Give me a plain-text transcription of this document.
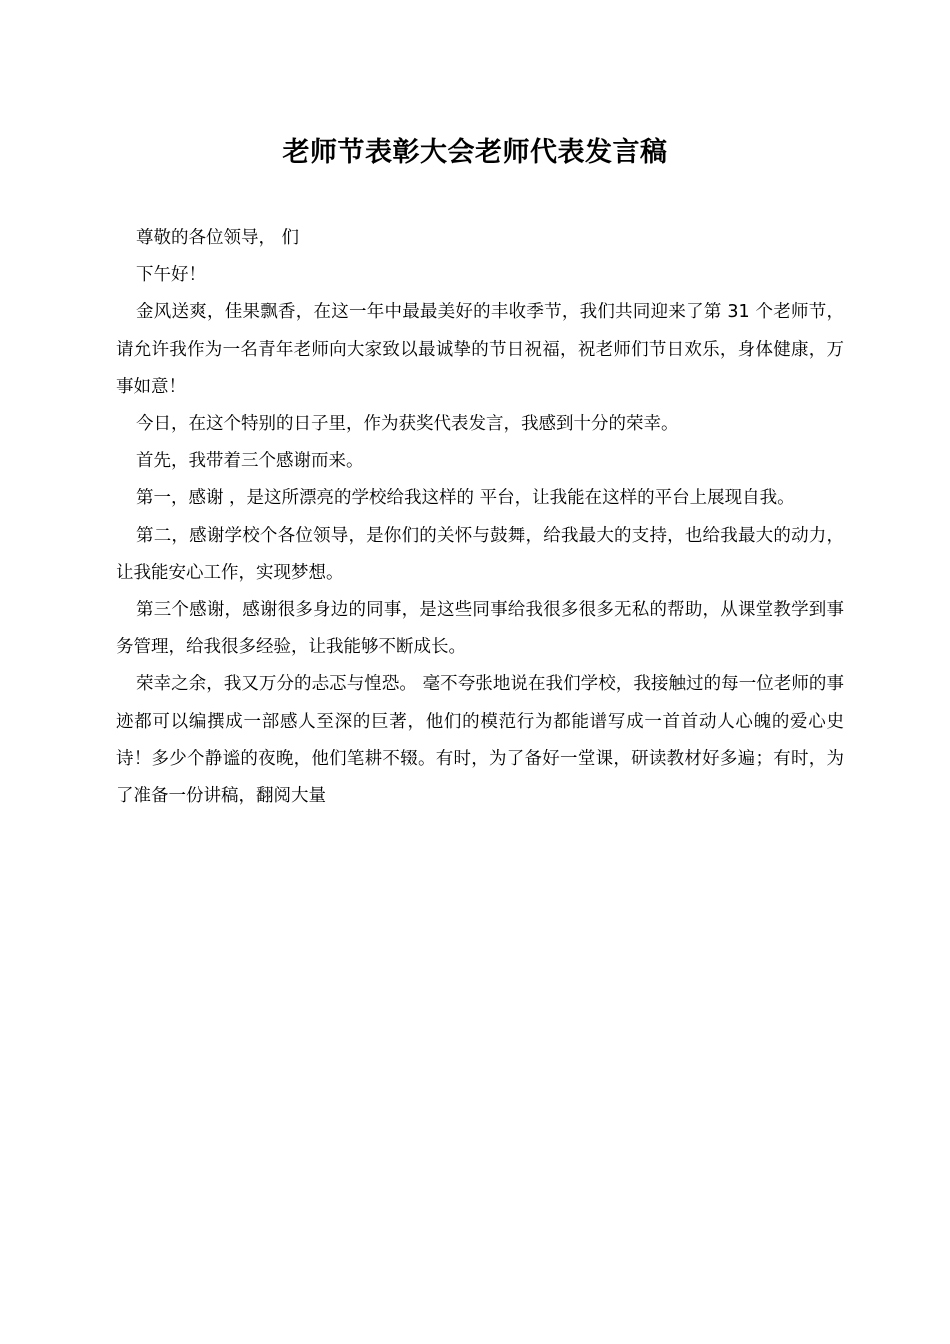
老师节表彰大会老师代表发言稿

尊敬的各位领导， 们

下午好！

金风送爽，佳果飘香，在这一年中最最美好的丰收季节，我们共同迎来了第 31 个老师节，请允许我作为一名青年老师向大家致以最诚挚的节日祝福，祝老师们节日欢乐，身体健康，万事如意！

今日，在这个特别的日子里，作为获奖代表发言，我感到十分的荣幸。

首先，我带着三个感谢而来。

第一，感谢 ，是这所漂亮的学校给我这样的 平台，让我能在这样的平台上展现自我。

第二，感谢学校个各位领导，是你们的关怀与鼓舞，给我最大的支持，也给我最大的动力，让我能安心工作，实现梦想。

第三个感谢，感谢很多身边的同事，是这些同事给我很多很多无私的帮助，从课堂教学到事务管理，给我很多经验，让我能够不断成长。

荣幸之余，我又万分的忐忑与惶恐。 毫不夸张地说在我们学校，我接触过的每一位老师的事迹都可以编撰成一部感人至深的巨著，他们的模范行为都能谱写成一首首动人心魄的爱心史诗！多少个静谧的夜晚，他们笔耕不辍。有时，为了备好一堂课，研读教材好多遍；有时，为了准备一份讲稿，翻阅大量
